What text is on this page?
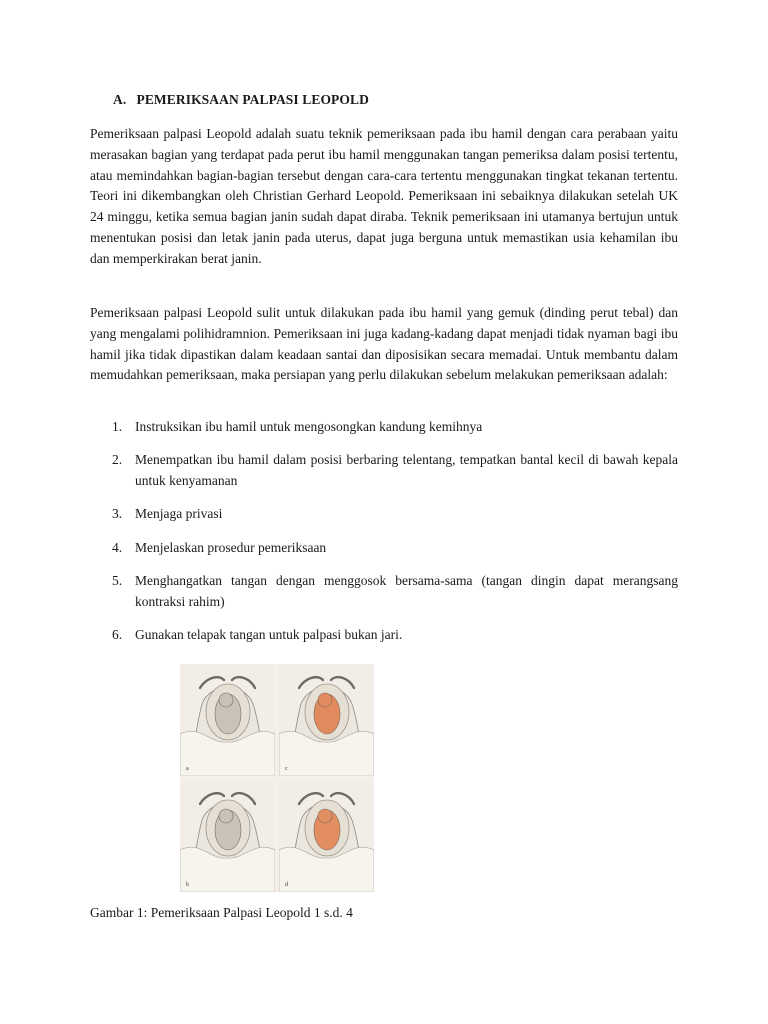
A. PEMERIKSAAN PALPASI LEOPOLD

Pemeriksaan palpasi Leopold adalah suatu teknik pemeriksaan pada ibu hamil dengan cara perabaan yaitu merasakan bagian yang terdapat pada perut ibu hamil menggunakan tangan pemeriksa dalam posisi tertentu, atau memindahkan bagian-bagian tersebut dengan cara-cara tertentu menggunakan tingkat tekanan tertentu. Teori ini dikembangkan oleh Christian Gerhard Leopold. Pemeriksaan ini sebaiknya dilakukan setelah UK 24 minggu, ketika semua bagian janin sudah dapat diraba. Teknik pemeriksaan ini utamanya bertujun untuk menentukan posisi dan letak janin pada uterus, dapat juga berguna untuk memastikan usia kehamilan ibu dan memperkirakan berat janin.

Pemeriksaan palpasi Leopold sulit untuk dilakukan pada ibu hamil yang gemuk (dinding perut tebal) dan yang mengalami polihidramnion. Pemeriksaan ini juga kadang-kadang dapat menjadi tidak nyaman bagi ibu hamil jika tidak dipastikan dalam keadaan santai dan diposisikan secara memadai. Untuk membantu dalam memudahkan pemeriksaan, maka persiapan yang perlu dilakukan sebelum melakukan pemeriksaan adalah:

1. Instruksikan ibu hamil untuk mengosongkan kandung kemihnya
2. Menempatkan ibu hamil dalam posisi berbaring telentang, tempatkan bantal kecil di bawah kepala untuk kenyamanan
3. Menjaga privasi
4. Menjelaskan prosedur pemeriksaan
5. Menghangatkan tangan dengan menggosok bersama-sama (tangan dingin dapat merangsang kontraksi rahim)
6. Gunakan telapak tangan untuk palpasi bukan jari.
a	c
b	d
Gambar 1: Pemeriksaan Palpasi Leopold 1 s.d. 4
